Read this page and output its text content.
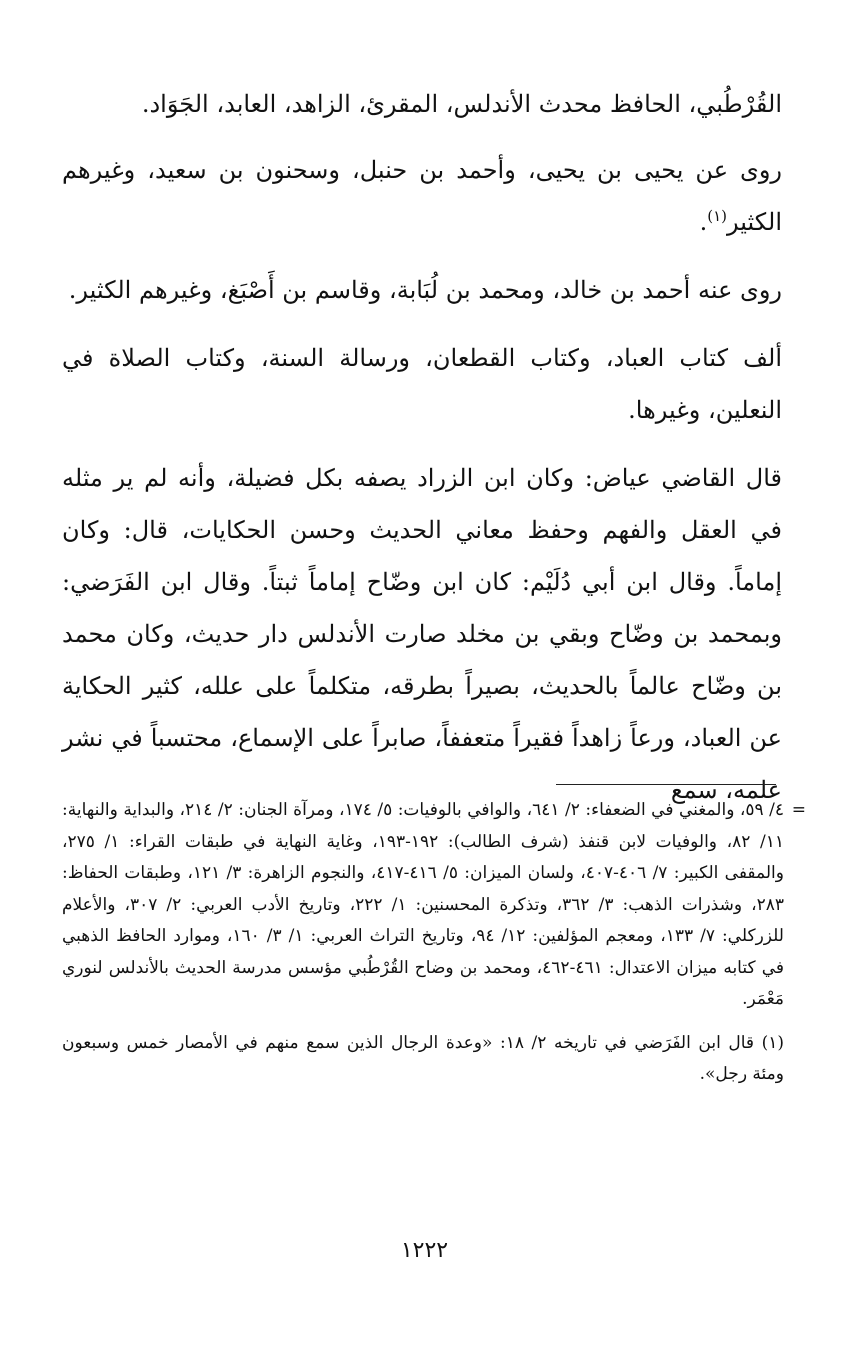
القُرْطُبي، الحافظ محدث الأندلس، المقرئ، الزاهد، العابد، الجَوَاد.

روى عن يحيى بن يحيى، وأحمد بن حنبل، وسحنون بن سعيد، وغيرهم الكثير$^{(١)}$.

روى عنه أحمد بن خالد، ومحمد بن لُبَابة، وقاسم بن أَصْبَغ، وغيرهم الكثير.

ألف كتاب العباد، وكتاب القطعان، ورسالة السنة، وكتاب الصلاة في النعلين، وغيرها.

قال القاضي عياض: وكان ابن الزراد يصفه بكل فضيلة، وأنه لم ير مثله في العقل والفهم وحفظ معاني الحديث وحسن الحكايات، قال: وكان إماماً. وقال ابن أبي دُلَيْم: كان ابن وضّاح إماماً ثبتاً. وقال ابن الفَرَضي: وبمحمد بن وضّاح وبقي بن مخلد صارت الأندلس دار حديث، وكان محمد بن وضّاح عالماً بالحديث، بصيراً بطرقه، متكلماً على علله، كثير الحكاية عن العباد، ورعاً زاهداً فقيراً متعففاً، صابراً على الإسماع، محتسباً في نشر علمه، سمع

=
٤/ ٥٩، والمغني في الضعفاء: ٢/ ٦٤١، والوافي بالوفيات: ٥/ ١٧٤، ومرآة الجنان: ٢/ ٢١٤، والبداية والنهاية: ١١/ ٨٢، والوفيات لابن قنفذ (شرف الطالب): ١٩٢-١٩٣، وغاية النهاية في طبقات القراء: ١/ ٢٧٥، والمقفى الكبير: ٧/ ٤٠٦-٤٠٧، ولسان الميزان: ٥/ ٤١٦-٤١٧، والنجوم الزاهرة: ٣/ ١٢١، وطبقات الحفاظ: ٢٨٣، وشذرات الذهب: ٣/ ٣٦٢، وتذكرة المحسنين: ١/ ٢٢٢، وتاريخ الأدب العربي: ٢/ ٣٠٧، والأعلام للزركلي: ٧/ ١٣٣، ومعجم المؤلفين: ١٢/ ٩٤، وتاريخ التراث العربي: ١/ ٣/ ١٦٠، وموارد الحافظ الذهبي في كتابه ميزان الاعتدال: ٤٦١-٤٦٢، ومحمد بن وضاح القُرْطُبي مؤسس مدرسة الحديث بالأندلس لنوري مَعْمَر.

(١) قال ابن الفَرَضي في تاريخه ٢/ ١٨: «وعدة الرجال الذين سمع منهم في الأمصار خمس وسبعون ومئة رجل».

١٢٢٢
